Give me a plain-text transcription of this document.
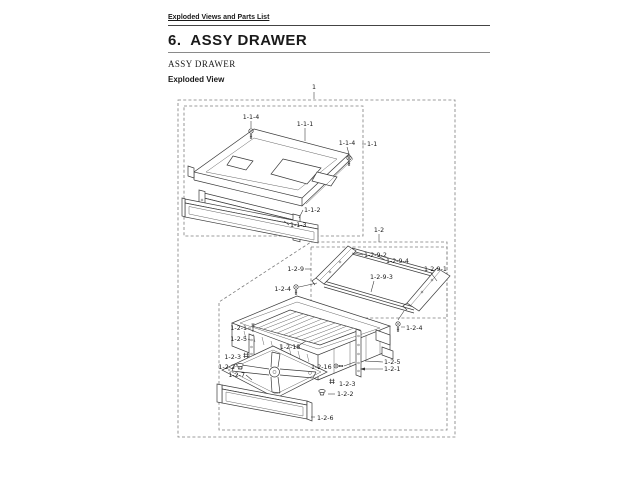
Exploded Views and Parts List
6.  ASSY DRAWER
ASSY DRAWER
Exploded View
1
1-1
1-1-1
1-1-4
1-1-4
1-1-2
1-1-3
1-2
1-2-9
1-2-9-2
1-2-9-4
1-2-9-3
1-2-9-1
1-2-4
1-2-4
1-2-1
1-2-5
1-2-3
1-2-2
1-2-7
1-2-18
1-2-16
1-2-3
1-2-2
1-2-6
1-2-5
1-2-1
